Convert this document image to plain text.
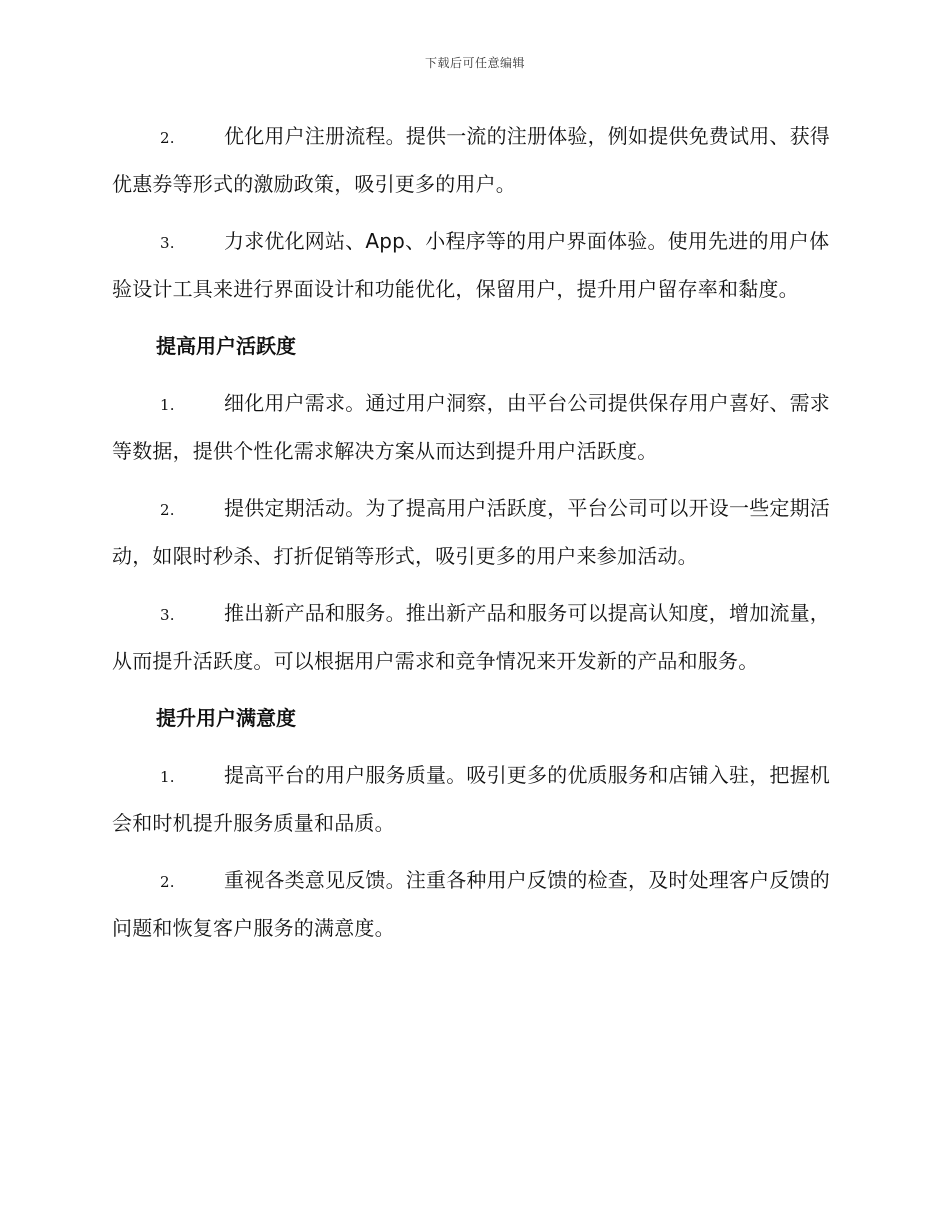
下载后可任意编辑

2. 优化用户注册流程。提供一流的注册体验，例如提供免费试用、获得优惠券等形式的激励政策，吸引更多的用户。

3. 力求优化网站、App、小程序等的用户界面体验。使用先进的用户体验设计工具来进行界面设计和功能优化，保留用户，提升用户留存率和黏度。

提高用户活跃度

1. 细化用户需求。通过用户洞察，由平台公司提供保存用户喜好、需求等数据，提供个性化需求解决方案从而达到提升用户活跃度。

2. 提供定期活动。为了提高用户活跃度，平台公司可以开设一些定期活动，如限时秒杀、打折促销等形式，吸引更多的用户来参加活动。

3. 推出新产品和服务。推出新产品和服务可以提高认知度，增加流量，从而提升活跃度。可以根据用户需求和竞争情况来开发新的产品和服务。

提升用户满意度

1. 提高平台的用户服务质量。吸引更多的优质服务和店铺入驻，把握机会和时机提升服务质量和品质。

2. 重视各类意见反馈。注重各种用户反馈的检查，及时处理客户反馈的问题和恢复客户服务的满意度。
